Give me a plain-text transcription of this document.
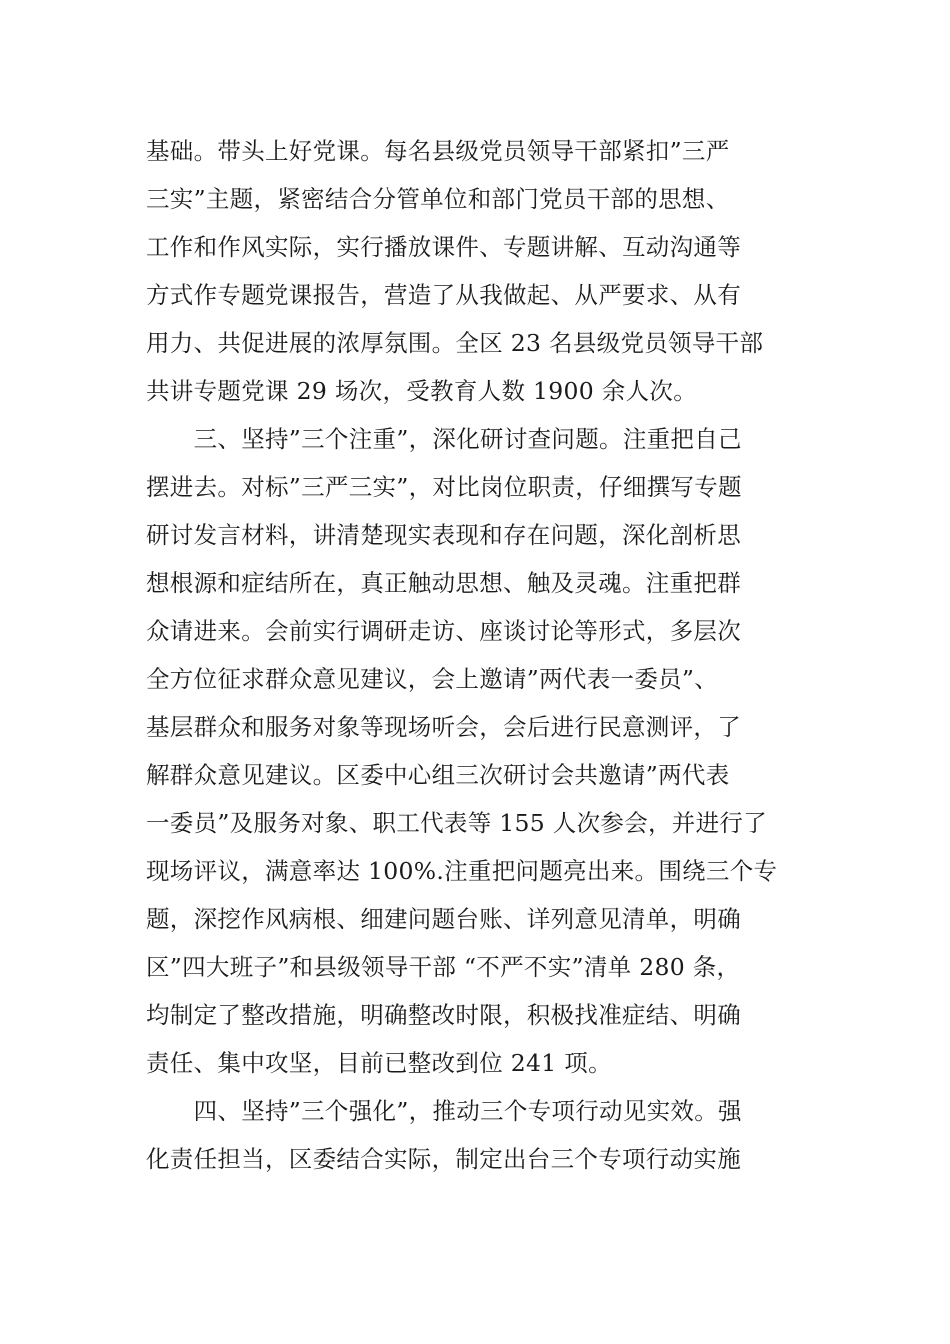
基础。带头上好党课。每名县级党员领导干部紧扣”三严
三实”主题，紧密结合分管单位和部门党员干部的思想、
工作和作风实际，实行播放课件、专题讲解、互动沟通等
方式作专题党课报告，营造了从我做起、从严要求、从有
用力、共促进展的浓厚氛围。全区 23 名县级党员领导干部
共讲专题党课 29 场次，受教育人数 1900 余人次。
　　三、坚持”三个注重”，深化研讨查问题。注重把自己
摆进去。对标”三严三实”，对比岗位职责，仔细撰写专题
研讨发言材料，讲清楚现实表现和存在问题，深化剖析思
想根源和症结所在，真正触动思想、触及灵魂。注重把群
众请进来。会前实行调研走访、座谈讨论等形式，多层次
全方位征求群众意见建议，会上邀请”两代表一委员”、
基层群众和服务对象等现场听会，会后进行民意测评，了
解群众意见建议。区委中心组三次研讨会共邀请”两代表
一委员”及服务对象、职工代表等 155 人次参会，并进行了
现场评议，满意率达 100%.注重把问题亮出来。围绕三个专
题，深挖作风病根、细建问题台账、详列意见清单，明确
区”四大班子”和县级领导干部 “不严不实”清单 280 条，
均制定了整改措施，明确整改时限，积极找准症结、明确
责任、集中攻坚，目前已整改到位 241 项。
　　四、坚持”三个强化”，推动三个专项行动见实效。强
化责任担当，区委结合实际，制定出台三个专项行动实施
